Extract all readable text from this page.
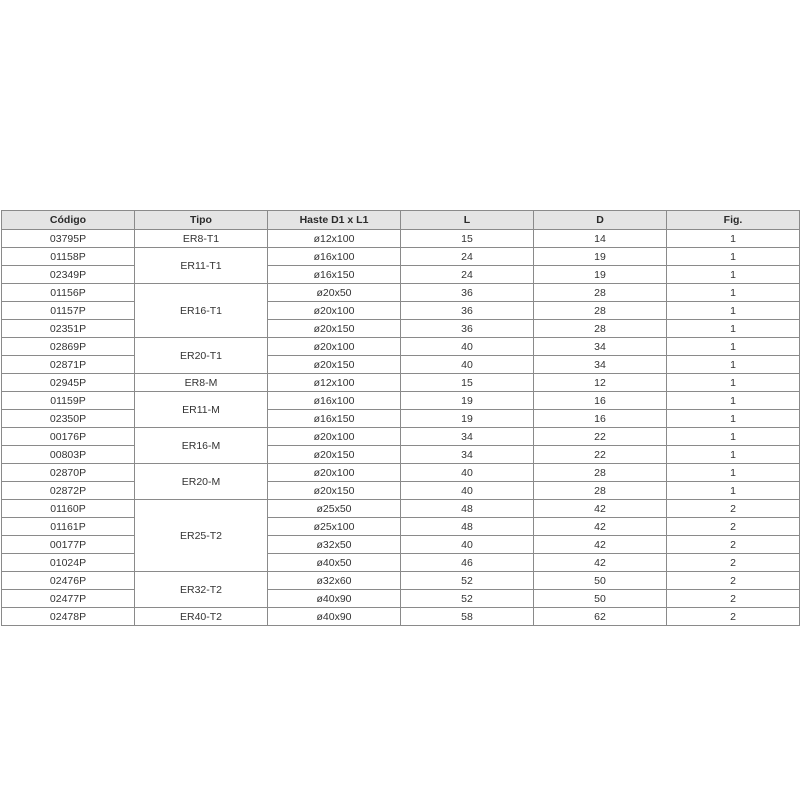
Código	Tipo	Haste D1 x L1	L	D	Fig.
03795P	ER8-T1	ø12x100	15	14	1
01158P	ER11-T1	ø16x100	24	19	1
02349P		ø16x150	24	19	1
01156P	ER16-T1	ø20x50	36	28	1
01157P		ø20x100	36	28	1
02351P		ø20x150	36	28	1
02869P	ER20-T1	ø20x100	40	34	1
02871P		ø20x150	40	34	1
02945P	ER8-M	ø12x100	15	12	1
01159P	ER11-M	ø16x100	19	16	1
02350P		ø16x150	19	16	1
00176P	ER16-M	ø20x100	34	22	1
00803P		ø20x150	34	22	1
02870P	ER20-M	ø20x100	40	28	1
02872P		ø20x150	40	28	1
01160P	ER25-T2	ø25x50	48	42	2
01161P		ø25x100	48	42	2
00177P		ø32x50	40	42	2
01024P		ø40x50	46	42	2
02476P	ER32-T2	ø32x60	52	50	2
02477P		ø40x90	52	50	2
02478P	ER40-T2	ø40x90	58	62	2
